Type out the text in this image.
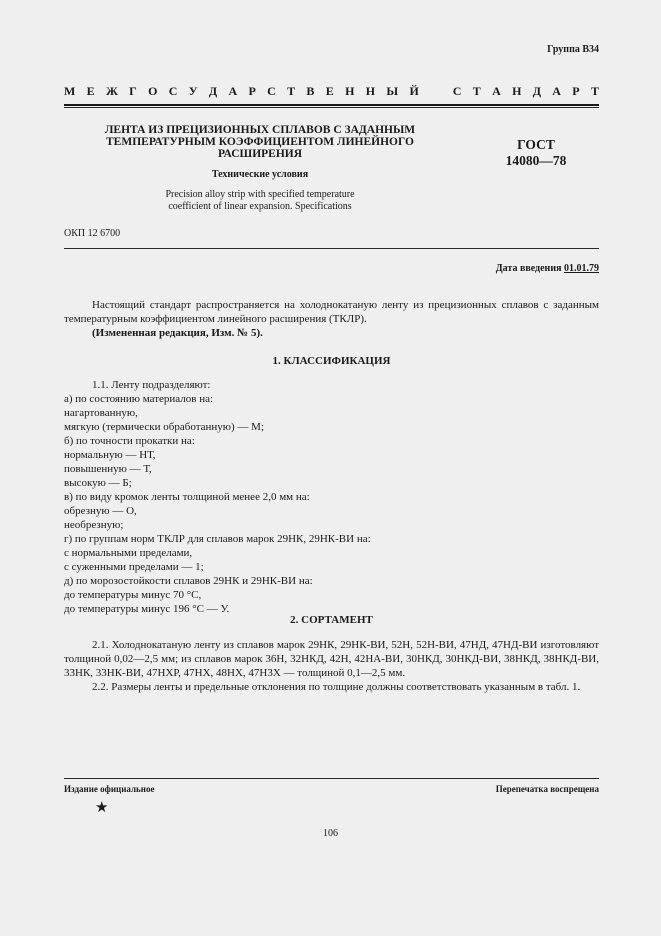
Группа В34
М Е Ж Г О С У Д А Р С Т В Е Н Н Ы Й	С Т А Н Д А Р Т
ЛЕНТА ИЗ ПРЕЦИЗИОННЫХ СПЛАВОВ С ЗАДАННЫМ
ТЕМПЕРАТУРНЫМ КОЭФФИЦИЕНТОМ ЛИНЕЙНОГО
РАСШИРЕНИЯ
Технические условия
Precision alloy strip with specified temperature
coefficient of linear expansion. Specifications
ГОСТ
14080—78
ОКП 12 6700
Дата введения 01.01.79
Настоящий стандарт распространяется на холоднокатаную ленту из прецизионных сплавов с заданным температурным коэффициентом линейного расширения (ТКЛР).
(Измененная редакция, Изм. № 5).
1. КЛАССИФИКАЦИЯ
1.1. Ленту подразделяют:
а) по состоянию материалов на:
нагартованную,
мягкую (термически обработанную) — М;
б) по точности прокатки на:
нормальную — НТ,
повышенную — Т,
высокую — Б;
в) по виду кромок ленты толщиной менее 2,0 мм на:
обрезную — О,
необрезную;
г) по группам норм ТКЛР для сплавов марок 29НК, 29НК-ВИ на:
с нормальными пределами,
с суженными пределами — 1;
д) по морозостойкости сплавов 29НК и 29НК-ВИ на:
до температуры минус 70 °С,
до температуры минус 196 °С — У.
2. СОРТАМЕНТ
2.1. Холоднокатаную ленту из сплавов марок 29НК, 29НК-ВИ, 52Н, 52Н-ВИ, 47НД, 47НД-ВИ изготовляют толщиной 0,02—2,5 мм; из сплавов марок 36Н, 32НКД, 42Н, 42НА-ВИ, 30НКД, 30НКД-ВИ, 38НКД, 38НКД-ВИ, 33НК, 33НК-ВИ, 47НХР, 47НХ, 48НХ, 47Н3Х — толщиной 0,1—2,5 мм.
2.2. Размеры ленты и предельные отклонения по толщине должны соответствовать указанным в табл. 1.
Издание официальное	Перепечатка воспрещена
★
106
